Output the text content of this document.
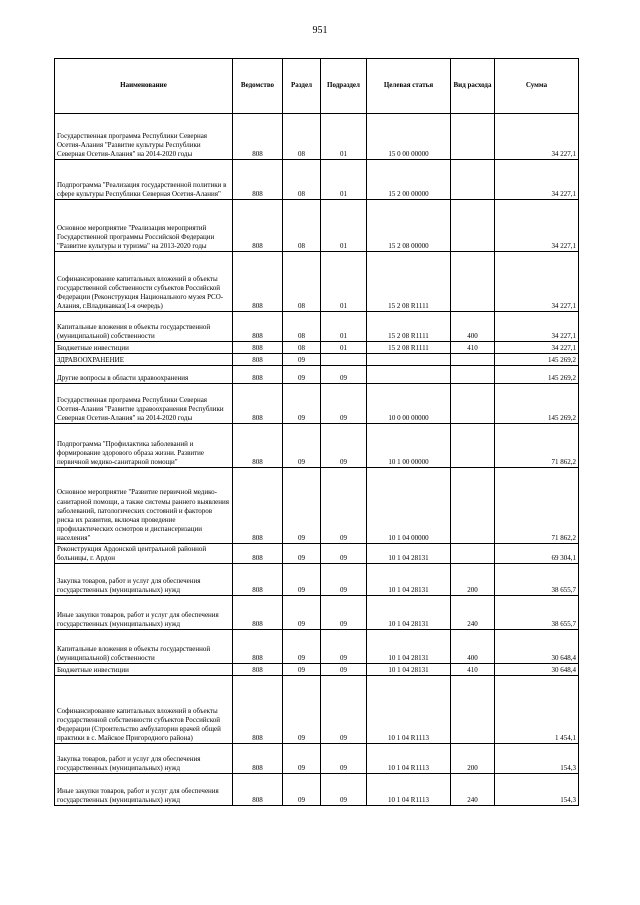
951
Наименование	Ведомство	Раздел	Подраздел	Целевая статья	Вид расхода	Сумма
Государственная программа Республики Северная Осетия-Алания "Развитие культуры Республики Северная Осетия-Алания" на 2014-2020 годы	808	08	01	15 0 00 00000		34 227,1
Подпрограмма "Реализация государственной политики в сфере культуры Республики Северная Осетия-Алания"	808	08	01	15 2 00 00000		34 227,1
Основное мероприятие "Реализация мероприятий Государственной программы Российской Федерации "Развитие культуры и туризма" на 2013-2020 годы	808	08	01	15 2 08 00000		34 227,1
Софинансирование капитальных вложений в объекты государственной собственности субъектов Российской Федерации (Реконструкция Национального музея РСО-Алания, г.Владикавказ(1-я очередь)	808	08	01	15 2 08 R1111		34 227,1
Капитальные вложения в объекты государственной (муниципальной) собственности	808	08	01	15 2 08 R1111	400	34 227,1
Бюджетные инвестиции	808	08	01	15 2 08 R1111	410	34 227,1
ЗДРАВООХРАНЕНИЕ	808	09				145 269,2
Другие вопросы в области здравоохранения	808	09	09			145 269,2
Государственная программа Республики Северная Осетия-Алания "Развитие здравоохранения Республики Северная Осетия-Алания" на 2014-2020 годы	808	09	09	10 0 00 00000		145 269,2
Подпрограмма "Профилактика заболеваний и формирование здорового образа жизни. Развитие первичной медико-санитарной помощи"	808	09	09	10 1 00 00000		71 862,2
Основное мероприятие "Развитие первичной медико-санитарной помощи, а также системы раннего выявления заболеваний, патологических состояний и факторов риска их развития, включая проведение профилактических осмотров и диспансеризации населения"	808	09	09	10 1 04 00000		71 862,2
Реконструкция Ардонской центральной районной больницы, г. Ардон	808	09	09	10 1 04 28131		69 304,1
Закупка товаров, работ и услуг для обеспечения государственных (муниципальных) нужд	808	09	09	10 1 04 28131	200	38 655,7
Иные закупки товаров, работ и услуг для обеспечения государственных (муниципальных) нужд	808	09	09	10 1 04 28131	240	38 655,7
Капитальные вложения в объекты государственной (муниципальной) собственности	808	09	09	10 1 04 28131	400	30 648,4
Бюджетные инвестиции	808	09	09	10 1 04 28131	410	30 648,4
Софинансирование капитальных вложений в объекты государственной собственности субъектов Российской Федерации (Строительство амбулатории врачей общей практики в с. Майское Пригородного района)	808	09	09	10 1 04 R1113		1 454,1
Закупка товаров, работ и услуг для обеспечения государственных (муниципальных) нужд	808	09	09	10 1 04 R1113	200	154,3
Иные закупки товаров, работ и услуг для обеспечения государственных (муниципальных) нужд	808	09	09	10 1 04 R1113	240	154,3
